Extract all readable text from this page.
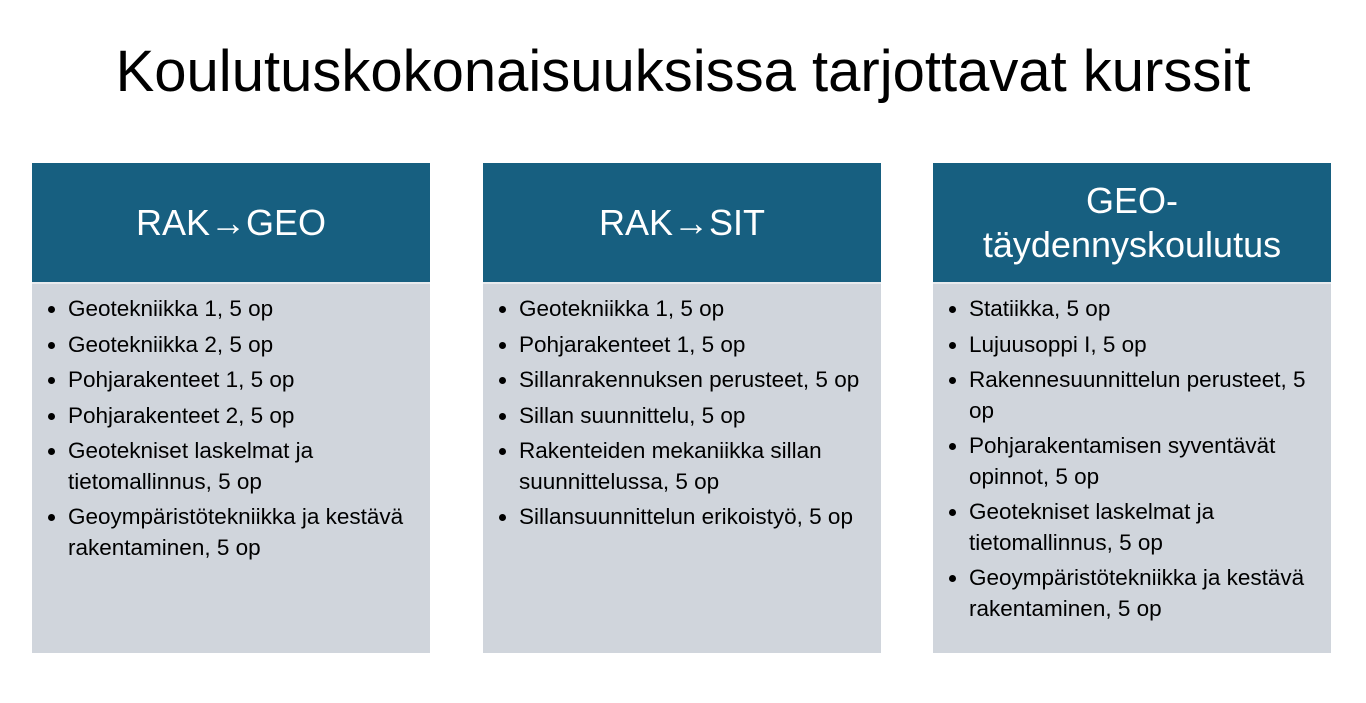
Koulutuskokonaisuuksissa tarjottavat kurssit
RAK→GEO
Geotekniikka 1, 5 op
Geotekniikka 2, 5 op
Pohjarakenteet 1, 5 op
Pohjarakenteet 2, 5 op
Geotekniset laskelmat ja tietomallinnus, 5 op
Geoympäristötekniikka ja kestävä rakentaminen, 5 op
RAK→SIT
Geotekniikka 1, 5 op
Pohjarakenteet 1, 5 op
Sillanrakennuksen perusteet, 5 op
Sillan suunnittelu, 5 op
Rakenteiden mekaniikka sillan suunnittelussa, 5 op
Sillansuunnittelun erikoistyö, 5 op
GEO-täydennyskoulutus
Statiikka, 5 op
Lujuusoppi I, 5 op
Rakennesuunnittelun perusteet, 5 op
Pohjarakentamisen syventävät opinnot, 5 op
Geotekniset laskelmat ja tietomallinnus, 5 op
Geoympäristötekniikka ja kestävä rakentaminen, 5 op
